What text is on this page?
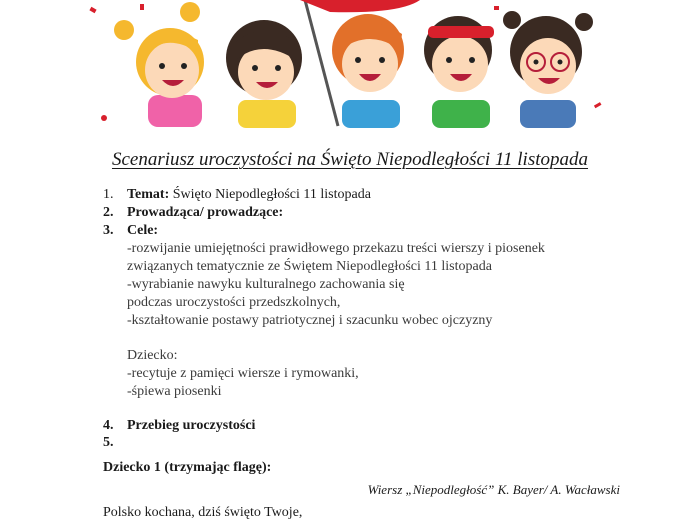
Scenariusz uroczystości na Święto Niepodległości 11 listopada
1. Temat: Święto Niepodległości 11 listopada
2. Prowadząca/ prowadzące:
3. Cele:
-rozwijanie umiejętności prawidłowego przekazu treści wierszy i piosenek
związanych tematycznie ze Świętem Niepodległości 11 listopada
-wyrabianie nawyku kulturalnego zachowania się
podczas uroczystości przedszkolnych,
-kształtowanie postawy patriotycznej i szacunku wobec ojczyzny
Dziecko:
-recytuje z pamięci wiersze i rymowanki,
-śpiewa piosenki
4. Przebieg uroczystości
5.
Dziecko 1 (trzymając flagę):
Wiersz „Niepodległość” K. Bayer/ A. Wacławski
Polsko kochana, dziś święto Twoje,
